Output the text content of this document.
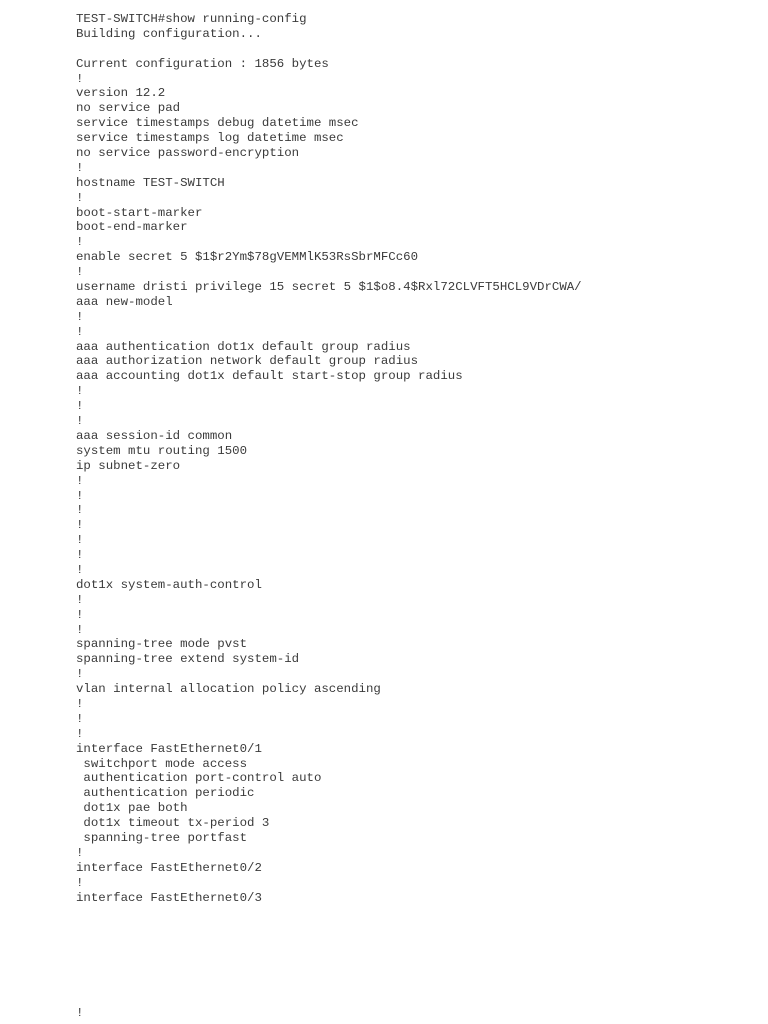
TEST-SWITCH#show running-config
Building configuration...
Current configuration : 1856 bytes
!
version 12.2
no service pad
service timestamps debug datetime msec
service timestamps log datetime msec
no service password-encryption
!
hostname TEST-SWITCH
!
boot-start-marker
boot-end-marker
!
enable secret 5 $1$r2Ym$78gVEMMlK53RsSbrMFCc60
!
username dristi privilege 15 secret 5 $1$o8.4$Rxl72CLVFT5HCL9VDrCWA/
aaa new-model
!
!
aaa authentication dot1x default group radius
aaa authorization network default group radius
aaa accounting dot1x default start-stop group radius
!
!
!
aaa session-id common
system mtu routing 1500
ip subnet-zero
!
!
!
!
!
!
!
dot1x system-auth-control
!
!
!
spanning-tree mode pvst
spanning-tree extend system-id
!
vlan internal allocation policy ascending
!
!
!
interface FastEthernet0/1
switchport mode access
authentication port-control auto
authentication periodic
dot1x pae both
dot1x timeout tx-period 3
spanning-tree portfast
!
interface FastEthernet0/2
!
interface FastEthernet0/3
!
